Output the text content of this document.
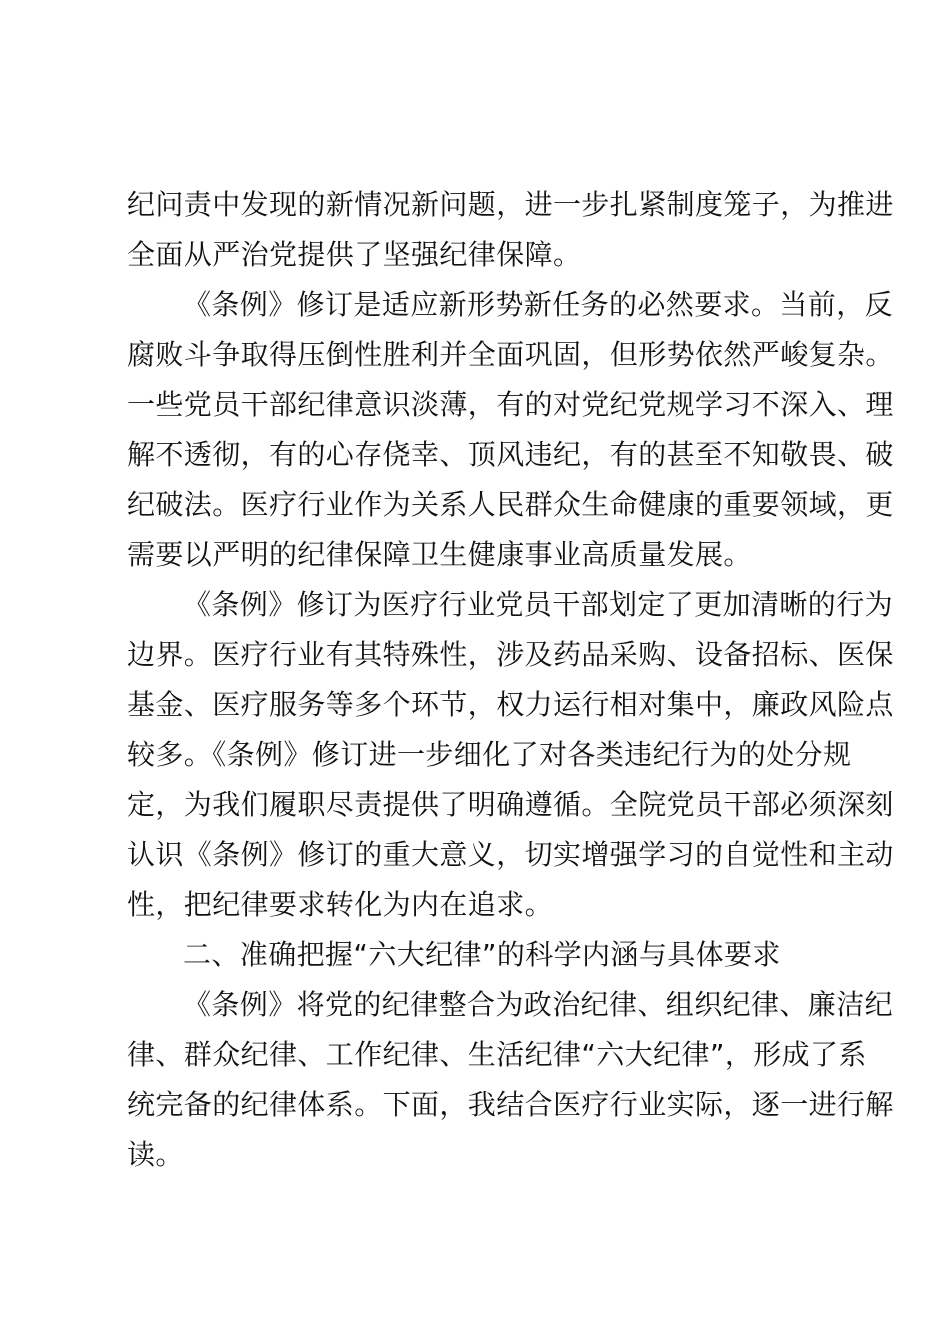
纪问责中发现的新情况新问题，进一步扎紧制度笼子，为推进
全面从严治党提供了坚强纪律保障。
《条例》修订是适应新形势新任务的必然要求。当前，反
腐败斗争取得压倒性胜利并全面巩固，但形势依然严峻复杂。
一些党员干部纪律意识淡薄，有的对党纪党规学习不深入、理
解不透彻，有的心存侥幸、顶风违纪，有的甚至不知敬畏、破
纪破法。医疗行业作为关系人民群众生命健康的重要领域，更
需要以严明的纪律保障卫生健康事业高质量发展。
《条例》修订为医疗行业党员干部划定了更加清晰的行为
边界。医疗行业有其特殊性，涉及药品采购、设备招标、医保
基金、医疗服务等多个环节，权力运行相对集中，廉政风险点
较多。《条例》修订进一步细化了对各类违纪行为的处分规
定，为我们履职尽责提供了明确遵循。全院党员干部必须深刻
认识《条例》修订的重大意义，切实增强学习的自觉性和主动
性，把纪律要求转化为内在追求。
二、准确把握“六大纪律”的科学内涵与具体要求
《条例》将党的纪律整合为政治纪律、组织纪律、廉洁纪
律、群众纪律、工作纪律、生活纪律“六大纪律”，形成了系
统完备的纪律体系。下面，我结合医疗行业实际，逐一进行解
读。
